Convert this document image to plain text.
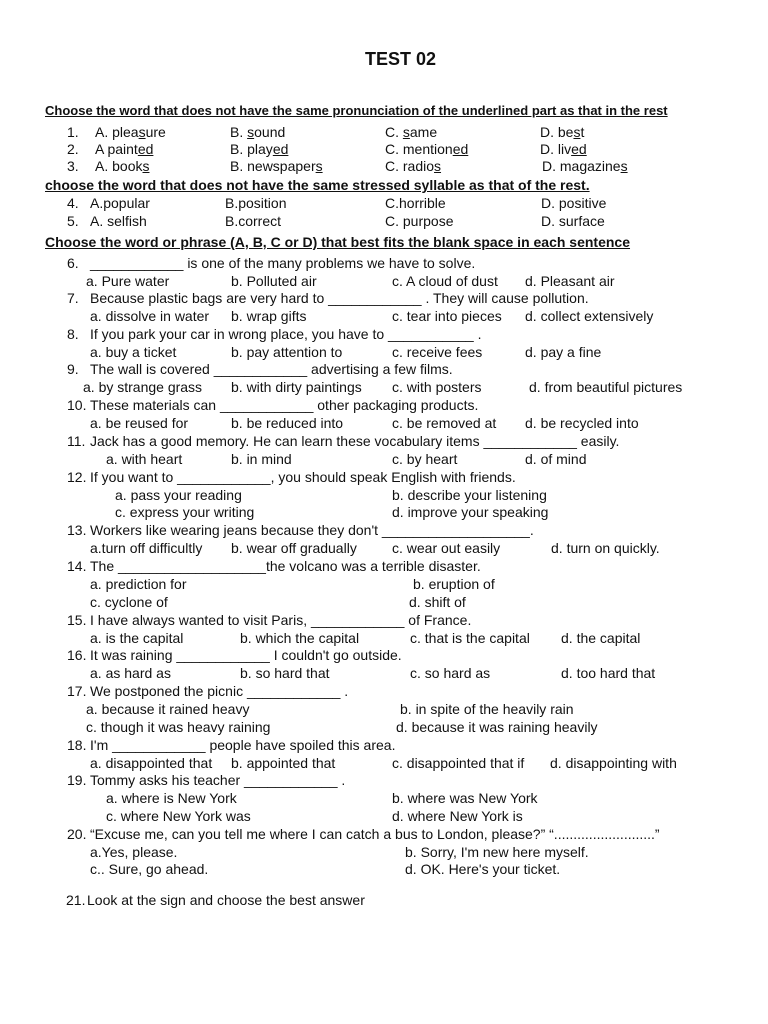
TEST 02
Choose the word that does not have the same pronunciation of the underlined part as that in the rest
1. A. pleasure	B. sound	C. same	D. best
2. A painted	B. played	C. mentioned	D. lived
3. A. books	B. newspapers	C. radios	D. magazines
choose the word that does not have the same stressed syllable as that of the rest.
4. A.popular	B.position	C.horrible	D. positive
5. A. selfish	B.correct	C. purpose	D. surface
Choose the word or phrase (A, B, C or D) that best fits the blank space in each sentence
6. ____________ is one of the many problems we have to solve.
a. Pure water	b. Polluted air	c. A cloud of dust d. Pleasant air
7. Because plastic bags are very hard to ____________ . They will cause pollution.
a. dissolve in water b. wrap gifts	c. tear into pieces d. collect extensively
8. If you park your car in wrong place, you have to ___________ .
a. buy a ticket	b. pay attention to	c. receive fees	d. pay a fine
9. The wall is covered ____________ advertising a few films.
a. by strange grass b. with dirty paintings c. with posters	d. from beautiful pictures
10. These materials can ____________ other packaging products.
a. be reused for	b. be reduced into	c. be removed at d. be recycled into
11. Jack has a good memory. He can learn these vocabulary items ____________ easily.
a. with heart	b. in mind	c. by heart	d. of mind
12. If you want to ____________, you should speak English with friends.
a. pass your reading	b. describe your listening
c. express your writing	d. improve your speaking
13. Workers like wearing jeans because they don't ___________________.
a.turn off difficultly b. wear off gradually	c. wear out easily	d. turn on quickly.
14. The ___________________the volcano was a terrible disaster.
a. prediction for	b. eruption of
c. cyclone of	d. shift of
15. I have always wanted to visit Paris, ____________ of France.
a. is the capital	b. which the capital	c. that is the capital d. the capital
16. It was raining ____________ I couldn't go outside.
a. as hard as	b. so hard that	c. so hard as	d. too hard that
17. We postponed the picnic ____________ .
a. because it rained heavy	b. in spite of the heavily rain
c. though it was heavy raining	d. because it was raining heavily
18. I'm ____________ people have spoiled this area.
a. disappointed that b. appointed that	c. disappointed that if d. disappointing with
19. Tommy asks his teacher ____________ .
a. where is New York	b. where was New York
c. where New York was	d. where New York is
20. “Excuse me, can you tell me where I can catch a bus to London, please?” “..........................”
a.Yes, please.	b. Sorry, I'm new here myself.
c.. Sure, go ahead.	d. OK. Here's your ticket.
21. Look at the sign and choose the best answer
